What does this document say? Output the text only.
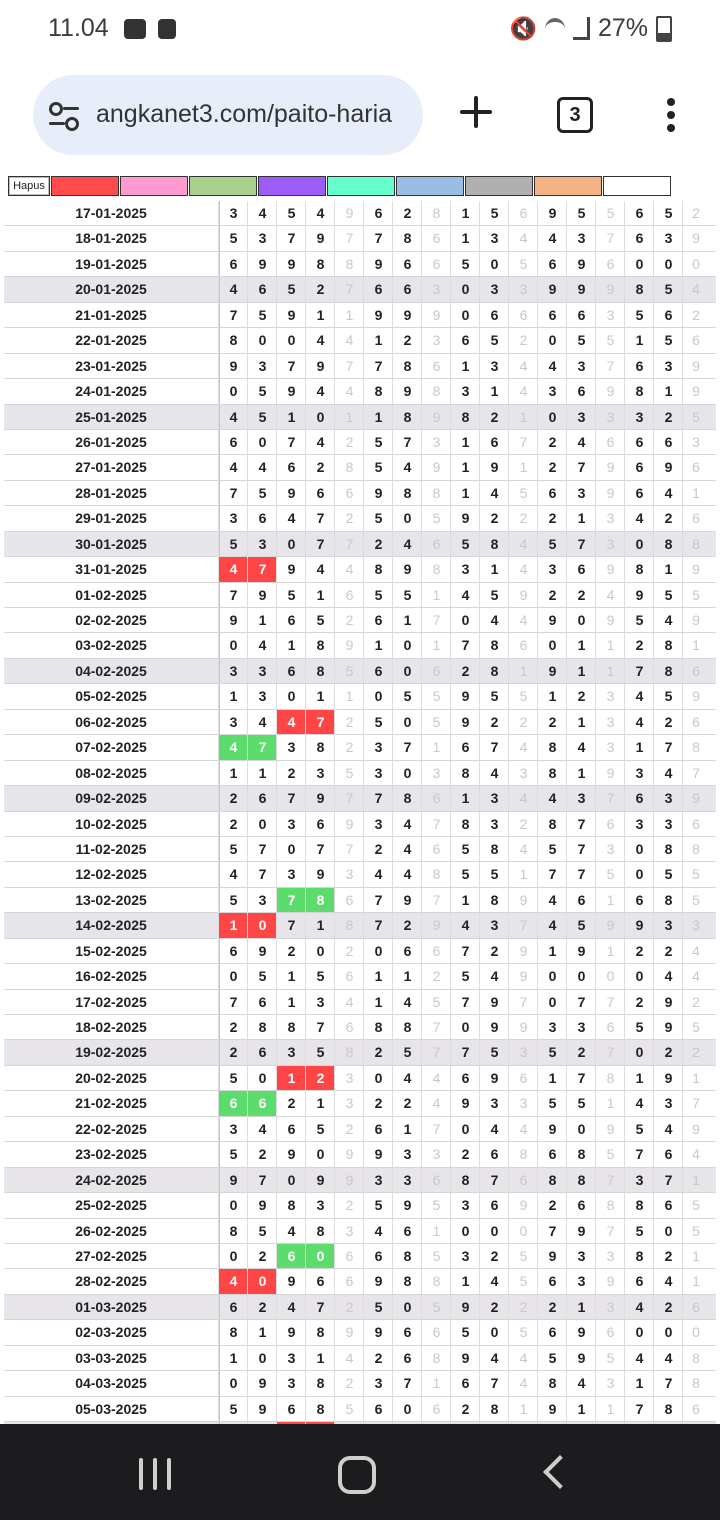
11.04	🔇 27%
angkanet3.com/paito-haria	3
Hapus
17-01-2025	3	4	5	4	9	6	2	8	1	5	6	9	5	5	6	5	2
18-01-2025	5	3	7	9	7	7	8	6	1	3	4	4	3	7	6	3	9
19-01-2025	6	9	9	8	8	9	6	6	5	0	5	6	9	6	0	0	0
20-01-2025	4	6	5	2	7	6	6	3	0	3	3	9	9	9	8	5	4
21-01-2025	7	5	9	1	1	9	9	9	0	6	6	6	6	3	5	6	2
22-01-2025	8	0	0	4	4	1	2	3	6	5	2	0	5	5	1	5	6
23-01-2025	9	3	7	9	7	7	8	6	1	3	4	4	3	7	6	3	9
24-01-2025	0	5	9	4	4	8	9	8	3	1	4	3	6	9	8	1	9
25-01-2025	4	5	1	0	1	1	8	9	8	2	1	0	3	3	3	2	5
26-01-2025	6	0	7	4	2	5	7	3	1	6	7	2	4	6	6	6	3
27-01-2025	4	4	6	2	8	5	4	9	1	9	1	2	7	9	6	9	6
28-01-2025	7	5	9	6	6	9	8	8	1	4	5	6	3	9	6	4	1
29-01-2025	3	6	4	7	2	5	0	5	9	2	2	2	1	3	4	2	6
30-01-2025	5	3	0	7	7	2	4	6	5	8	4	5	7	3	0	8	8
31-01-2025	4	7	9	4	4	8	9	8	3	1	4	3	6	9	8	1	9
01-02-2025	7	9	5	1	6	5	5	1	4	5	9	2	2	4	9	5	5
02-02-2025	9	1	6	5	2	6	1	7	0	4	4	9	0	9	5	4	9
03-02-2025	0	4	1	8	9	1	0	1	7	8	6	0	1	1	2	8	1
04-02-2025	3	3	6	8	5	6	0	6	2	8	1	9	1	1	7	8	6
05-02-2025	1	3	0	1	1	0	5	5	9	5	5	1	2	3	4	5	9
06-02-2025	3	4	4	7	2	5	0	5	9	2	2	2	1	3	4	2	6
07-02-2025	4	7	3	8	2	3	7	1	6	7	4	8	4	3	1	7	8
08-02-2025	1	1	2	3	5	3	0	3	8	4	3	8	1	9	3	4	7
09-02-2025	2	6	7	9	7	7	8	6	1	3	4	4	3	7	6	3	9
10-02-2025	2	0	3	6	9	3	4	7	8	3	2	8	7	6	3	3	6
11-02-2025	5	7	0	7	7	2	4	6	5	8	4	5	7	3	0	8	8
12-02-2025	4	7	3	9	3	4	4	8	5	5	1	7	7	5	0	5	5
13-02-2025	5	3	7	8	6	7	9	7	1	8	9	4	6	1	6	8	5
14-02-2025	1	0	7	1	8	7	2	9	4	3	7	4	5	9	9	3	3
15-02-2025	6	9	2	0	2	0	6	6	7	2	9	1	9	1	2	2	4
16-02-2025	0	5	1	5	6	1	1	2	5	4	9	0	0	0	0	4	4
17-02-2025	7	6	1	3	4	1	4	5	7	9	7	0	7	7	2	9	2
18-02-2025	2	8	8	7	6	8	8	7	0	9	9	3	3	6	5	9	5
19-02-2025	2	6	3	5	8	2	5	7	7	5	3	5	2	7	0	2	2
20-02-2025	5	0	1	2	3	0	4	4	6	9	6	1	7	8	1	9	1
21-02-2025	6	6	2	1	3	2	2	4	9	3	3	5	5	1	4	3	7
22-02-2025	3	4	6	5	2	6	1	7	0	4	4	9	0	9	5	4	9
23-02-2025	5	2	9	0	9	9	3	3	2	6	8	6	8	5	7	6	4
24-02-2025	9	7	0	9	9	3	3	6	8	7	6	8	8	7	3	7	1
25-02-2025	0	9	8	3	2	5	9	5	3	6	9	2	6	8	8	6	5
26-02-2025	8	5	4	8	3	4	6	1	0	0	0	7	9	7	5	0	5
27-02-2025	0	2	6	0	6	6	8	5	3	2	5	9	3	3	8	2	1
28-02-2025	4	0	9	6	6	9	8	8	1	4	5	6	3	9	6	4	1
01-03-2025	6	2	4	7	2	5	0	5	9	2	2	2	1	3	4	2	6
02-03-2025	8	1	9	8	9	9	6	6	5	0	5	6	9	6	0	0	0
03-03-2025	1	0	3	1	4	2	6	8	9	4	4	5	9	5	4	4	8
04-03-2025	0	9	3	8	2	3	7	1	6	7	4	8	4	3	1	7	8
05-03-2025	5	9	6	8	5	6	0	6	2	8	1	9	1	1	7	8	6
